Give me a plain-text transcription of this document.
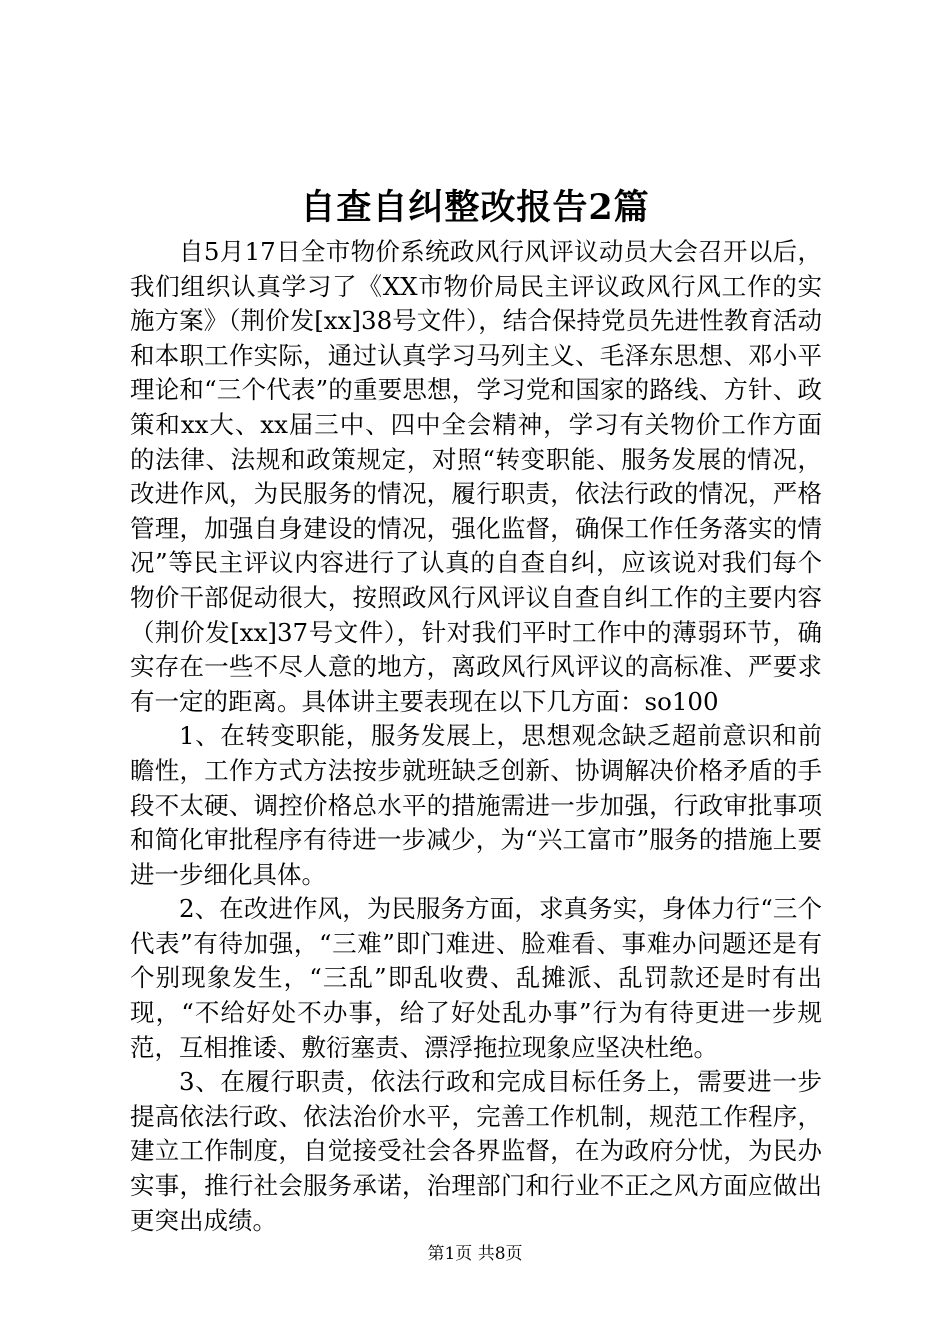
自查自纠整改报告2篇

自5月17日全市物价系统政风行风评议动员大会召开以后，我们组织认真学习了《XX市物价局民主评议政风行风工作的实施方案》（荆价发[xx]38号文件），结合保持党员先进性教育活动和本职工作实际，通过认真学习马列主义、毛泽东思想、邓小平理论和“三个代表”的重要思想，学习党和国家的路线、方针、政策和xx大、xx届三中、四中全会精神，学习有关物价工作方面的法律、法规和政策规定，对照“转变职能、服务发展的情况，改进作风，为民服务的情况，履行职责，依法行政的情况，严格管理，加强自身建设的情况，强化监督，确保工作任务落实的情况”等民主评议内容进行了认真的自查自纠，应该说对我们每个物价干部促动很大，按照政风行风评议自查自纠工作的主要内容（荆价发[xx]37号文件），针对我们平时工作中的薄弱环节，确实存在一些不尽人意的地方，离政风行风评议的高标准、严要求有一定的距离。具体讲主要表现在以下几方面：so100

1、在转变职能，服务发展上，思想观念缺乏超前意识和前瞻性，工作方式方法按步就班缺乏创新、协调解决价格矛盾的手段不太硬、调控价格总水平的措施需进一步加强，行政审批事项和简化审批程序有待进一步减少，为“兴工富市”服务的措施上要进一步细化具体。

2、在改进作风，为民服务方面，求真务实，身体力行“三个代表”有待加强，“三难”即门难进、脸难看、事难办问题还是有个别现象发生，“三乱”即乱收费、乱摊派、乱罚款还是时有出现，“不给好处不办事，给了好处乱办事”行为有待更进一步规范，互相推诿、敷衍塞责、漂浮拖拉现象应坚决杜绝。

3、在履行职责，依法行政和完成目标任务上，需要进一步提高依法行政、依法治价水平，完善工作机制，规范工作程序，建立工作制度，自觉接受社会各界监督，在为政府分忧，为民办实事，推行社会服务承诺，治理部门和行业不正之风方面应做出更突出成绩。

第1页 共8页
